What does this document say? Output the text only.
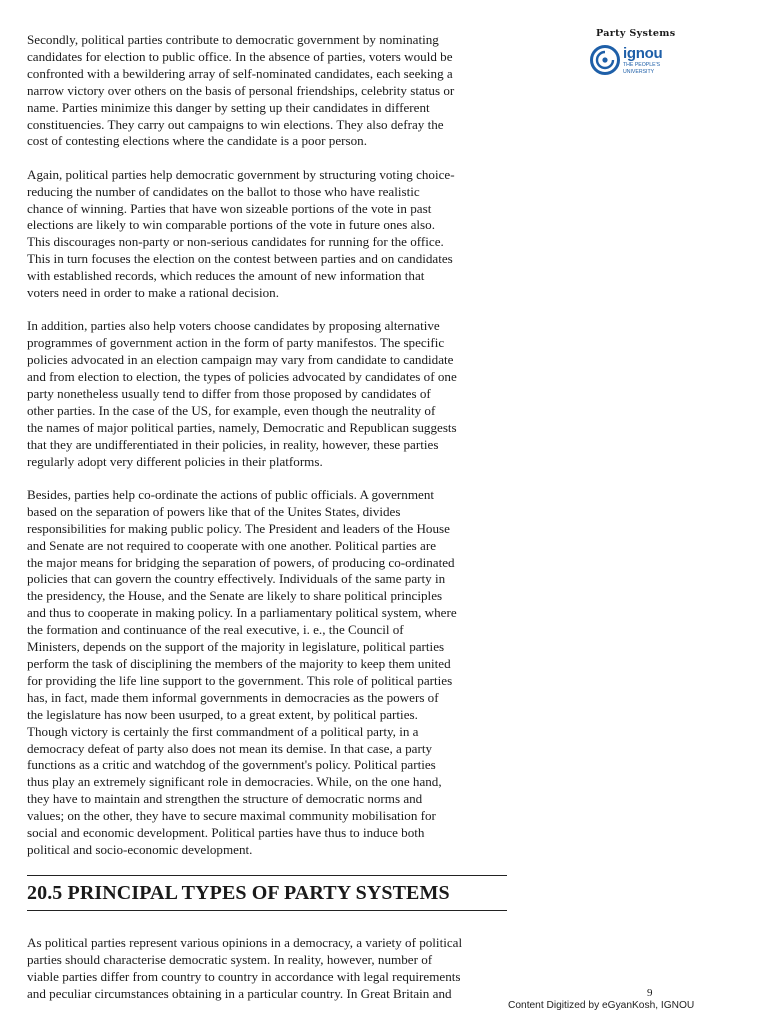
Party Systems
ignou
THE PEOPLE'S
UNIVERSITY

Secondly, political parties contribute to democratic government by nominating
candidates for election to public office. In the absence of parties, voters would be
confronted with a bewildering array of self-nominated candidates, each seeking a
narrow victory over others on the basis of personal friendships, celebrity status or
name. Parties minimize this danger by setting up their candidates in different
constituencies. They carry out campaigns to win elections. They also defray the
cost of contesting elections where the candidate is a poor person.

Again, political parties help democratic government by structuring voting choice-
reducing the number of candidates on the ballot to those who have realistic
chance of winning. Parties that have won sizeable portions of the vote in past
elections are likely to win comparable portions of the vote in future ones also.
This discourages non-party or non-serious candidates for running for the office.
This in turn focuses the election on the contest between parties and on candidates
with established records, which reduces the amount of new information that
voters need in order to make a rational decision.

In addition, parties also help voters choose candidates by proposing alternative
programmes of government action in the form of party manifestos. The specific
policies advocated in an election campaign may vary from candidate to candidate
and from election to election, the types of policies advocated by candidates of one
party nonetheless usually tend to differ from those proposed by candidates of
other parties. In the case of the US, for example, even though the neutrality of
the names of major political parties, namely, Democratic and Republican suggests
that they are undifferentiated in their policies, in reality, however, these parties
regularly adopt very different policies in their platforms.

Besides, parties help co-ordinate the actions of public officials. A government
based on the separation of powers like that of the Unites States, divides
responsibilities for making public policy. The President and leaders of the House
and Senate are not required to cooperate with one another. Political parties are
the major means for bridging the separation of powers, of producing co-ordinated
policies that can govern the country effectively. Individuals of the same party in
the presidency, the House, and the Senate are likely to share political principles
and thus to cooperate in making policy. In a parliamentary political system, where
the formation and continuance of the real executive, i. e., the Council of
Ministers, depends on the support of the majority in legislature, political parties
perform the task of disciplining the members of the majority to keep them united
for providing the life line support to the government. This role of political parties
has, in fact, made them informal governments in democracies as the powers of
the legislature has now been usurped, to a great extent, by political parties.
Though victory is certainly the first commandment of a political party, in a
democracy defeat of party also does not mean its demise. In that case, a party
functions as a critic and watchdog of the government's policy. Political parties
thus play an extremely significant role in democracies. While, on the one hand,
they have to maintain and strengthen the structure of democratic norms and
values; on the other, they have to secure maximal community mobilisation for
social and economic development. Political parties have thus to induce both
political and socio-economic development.

20.5 PRINCIPAL TYPES OF PARTY SYSTEMS

As political parties represent various opinions in a democracy, a variety of political
parties should characterise democratic system. In reality, however, number of
viable parties differ from country to country in accordance with legal requirements
and peculiar circumstances obtaining in a particular country. In Great Britain and	9
Content Digitized by eGyanKosh, IGNOU
